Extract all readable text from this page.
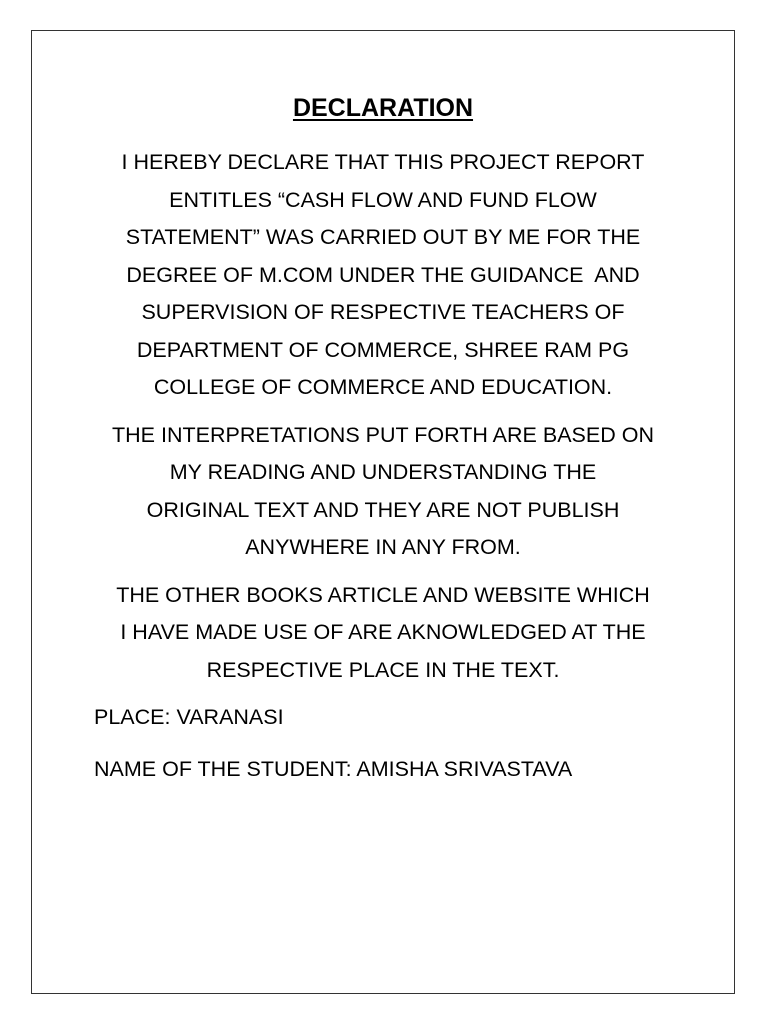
DECLARATION
I HEREBY DECLARE THAT THIS PROJECT REPORT
ENTITLES “CASH FLOW AND FUND FLOW
STATEMENT” WAS CARRIED OUT BY ME FOR THE
DEGREE OF M.COM UNDER THE GUIDANCE  AND
SUPERVISION OF RESPECTIVE TEACHERS OF
DEPARTMENT OF COMMERCE, SHREE RAM PG
COLLEGE OF COMMERCE AND EDUCATION.
THE INTERPRETATIONS PUT FORTH ARE BASED ON
MY READING AND UNDERSTANDING THE
ORIGINAL TEXT AND THEY ARE NOT PUBLISH
ANYWHERE IN ANY FROM.
THE OTHER BOOKS ARTICLE AND WEBSITE WHICH
I HAVE MADE USE OF ARE AKNOWLEDGED AT THE
RESPECTIVE PLACE IN THE TEXT.
PLACE: VARANASI
NAME OF THE STUDENT: AMISHA SRIVASTAVA
